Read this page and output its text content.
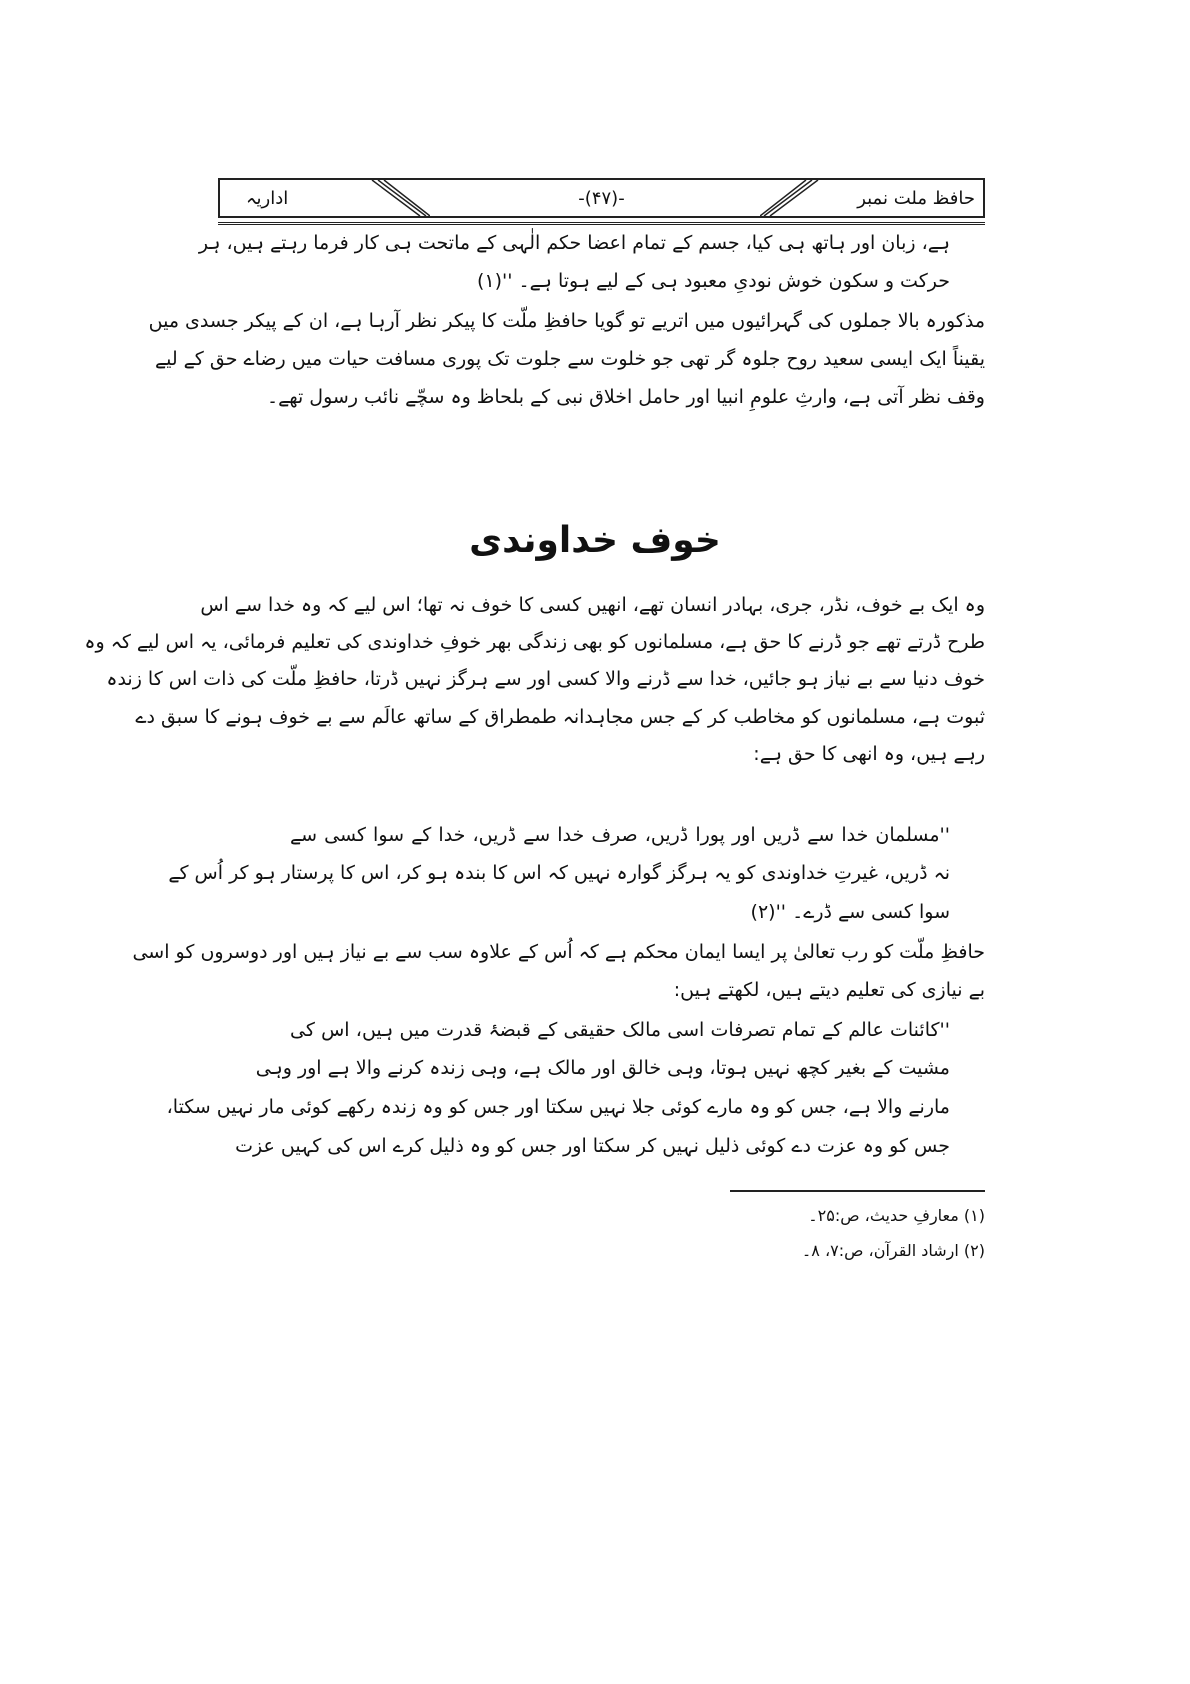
حافظ ملت نمبر
-(۴۷)-
اداریہ
ہے، زبان اور ہاتھ ہی کیا، جسم کے تمام اعضا حکم الٰہی کے ماتحت ہی کار فرما رہتے ہیں، ہر
حرکت و سکون خوش نودیِ معبود ہی کے لیے ہوتا ہے۔ ''(۱)
مذکورہ بالا جملوں کی گہرائیوں میں اتریے تو گویا حافظِ ملّت کا پیکر نظر آرہا ہے، ان کے پیکر جسدی میں
یقیناً ایک ایسی سعید روح جلوہ گر تھی جو خلوت سے جلوت تک پوری مسافت حیات میں رضاے حق کے لیے
وقف نظر آتی ہے، وارثِ علومِ انبیا اور حامل اخلاق نبی کے بلحاظ وہ سچّے نائب رسول تھے۔
خوف خداوندی
وہ ایک بے خوف، نڈر، جری، بہادر انسان تھے، انھیں کسی کا خوف نہ تھا؛ اس لیے کہ وہ خدا سے اس
طرح ڈرتے تھے جو ڈرنے کا حق ہے، مسلمانوں کو بھی زندگی بھر خوفِ خداوندی کی تعلیم فرمائی، یہ اس لیے کہ وہ
خوف دنیا سے بے نیاز ہو جائیں، خدا سے ڈرنے والا کسی اور سے ہرگز نہیں ڈرتا، حافظِ ملّت کی ذات اس کا زندہ
ثبوت ہے، مسلمانوں کو مخاطب کر کے جس مجاہدانہ طمطراق کے ساتھ عالَم سے بے خوف ہونے کا سبق دے
رہے ہیں، وہ انھی کا حق ہے:
''مسلمان خدا سے ڈریں اور پورا ڈریں، صرف خدا سے ڈریں، خدا کے سوا کسی سے
نہ ڈریں، غیرتِ خداوندی کو یہ ہرگز گوارہ نہیں کہ اس کا بندہ ہو کر، اس کا پرستار ہو کر اُس کے
سوا کسی سے ڈرے۔ ''(۲)
حافظِ ملّت کو رب تعالیٰ پر ایسا ایمان محکم ہے کہ اُس کے علاوہ سب سے بے نیاز ہیں اور دوسروں کو اسی
بے نیازی کی تعلیم دیتے ہیں، لکھتے ہیں:
''کائنات عالم کے تمام تصرفات اسی مالک حقیقی کے قبضۂ قدرت میں ہیں، اس کی
مشیت کے بغیر کچھ نہیں ہوتا، وہی خالق اور مالک ہے، وہی زندہ کرنے والا ہے اور وہی
مارنے والا ہے، جس کو وہ مارے کوئی جلا نہیں سکتا اور جس کو وہ زندہ رکھے کوئی مار نہیں سکتا،
جس کو وہ عزت دے کوئی ذلیل نہیں کر سکتا اور جس کو وہ ذلیل کرے اس کی کہیں عزت
(۱) معارفِ حدیث، ص:۲۵۔
(۲) ارشاد القرآن، ص:۷، ۸۔
